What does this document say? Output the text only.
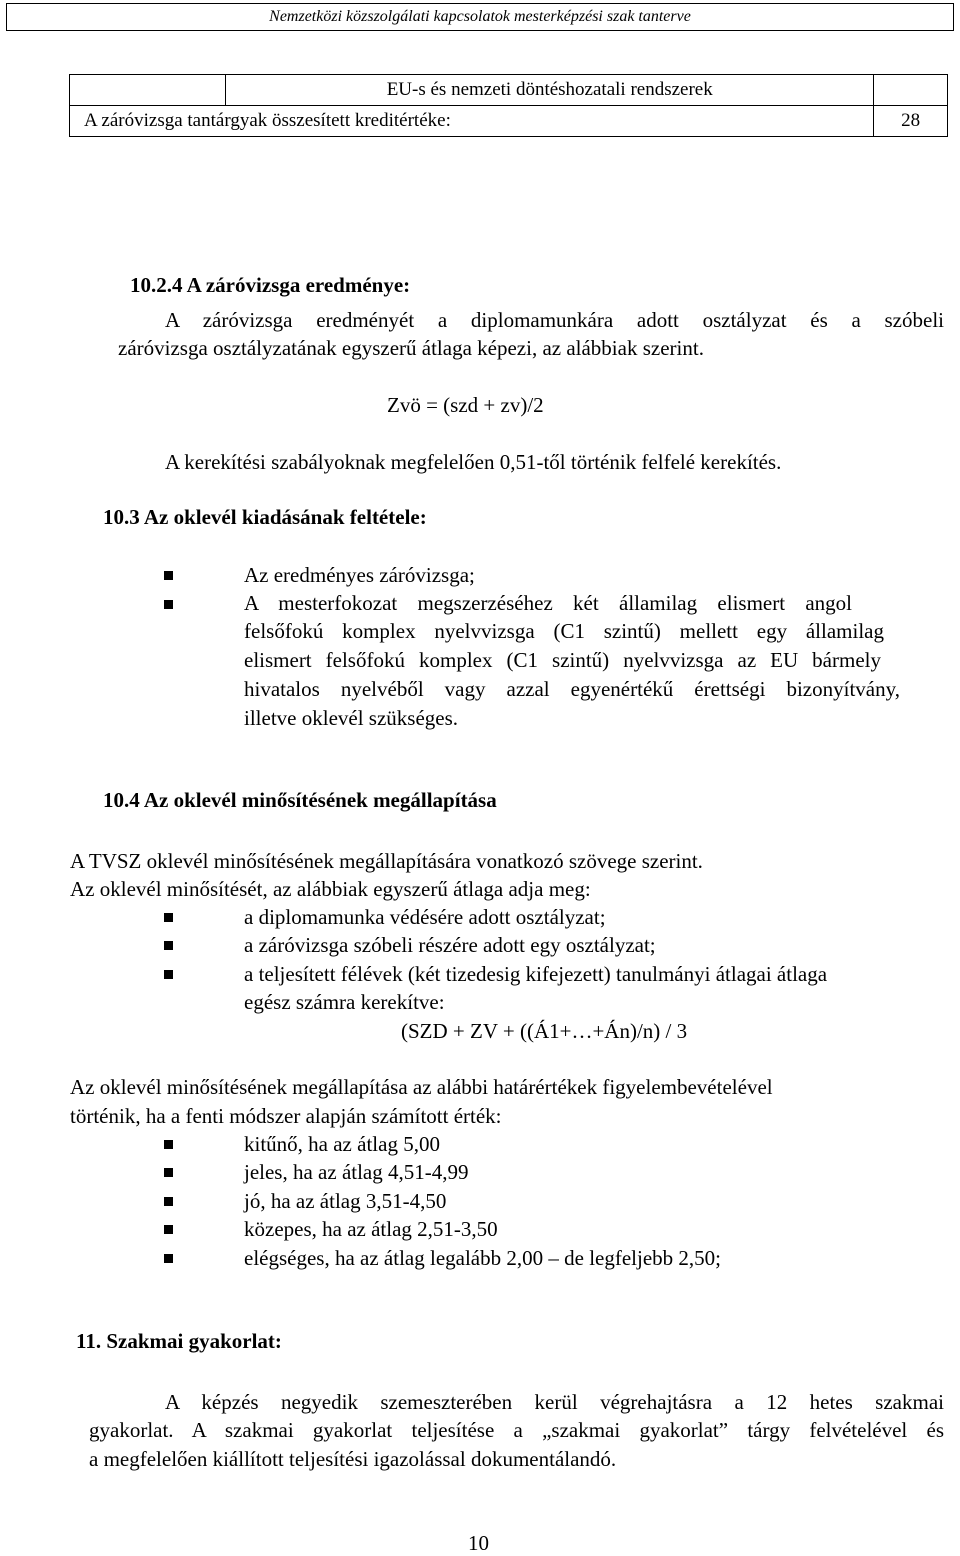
Nemzetközi közszolgálati kapcsolatok mesterképzési szak tanterve
	EU-s és nemzeti döntéshozatali rendszerek	
A záróvizsga tantárgyak összesített kreditértéke:		28
10.2.4 A záróvizsga eredménye:
A záróvizsga eredményét a diplomamunkára adott osztályzat és a szóbeli
záróvizsga osztályzatának egyszerű átlaga képezi, az alábbiak szerint.
Zvö = (szd + zv)/2
A kerekítési szabályoknak megfelelően 0,51-től történik felfelé kerekítés.
10.3 Az oklevél kiadásának feltétele:
Az eredményes záróvizsga;
A mesterfokozat megszerzéséhez két államilag elismert angol
felsőfokú komplex nyelvvizsga (C1 szintű) mellett egy államilag
elismert felsőfokú komplex (C1 szintű) nyelvvizsga az EU bármely
hivatalos nyelvéből vagy azzal egyenértékű érettségi bizonyítvány,
illetve oklevél szükséges.
10.4 Az oklevél minősítésének megállapítása
A TVSZ oklevél minősítésének megállapítására vonatkozó szövege szerint.
Az oklevél minősítését, az alábbiak egyszerű átlaga adja meg:
a diplomamunka védésére adott osztályzat;
a záróvizsga szóbeli részére adott egy osztályzat;
a teljesített félévek (két tizedesig kifejezett) tanulmányi átlagai átlaga
egész számra kerekítve:
(SZD + ZV + ((Á1+…+Án)/n) / 3
Az oklevél minősítésének megállapítása az alábbi határértékek figyelembevételével
történik, ha a fenti módszer alapján számított érték:
kitűnő, ha az átlag 5,00
jeles, ha az átlag 4,51-4,99
jó, ha az átlag 3,51-4,50
közepes, ha az átlag 2,51-3,50
elégséges, ha az átlag legalább 2,00 – de legfeljebb 2,50;
11. Szakmai gyakorlat:
A képzés negyedik szemeszterében kerül végrehajtásra a 12 hetes szakmai
gyakorlat. A szakmai gyakorlat teljesítése a „szakmai gyakorlat” tárgy felvételével és
a megfelelően kiállított teljesítési igazolással dokumentálandó.
10
